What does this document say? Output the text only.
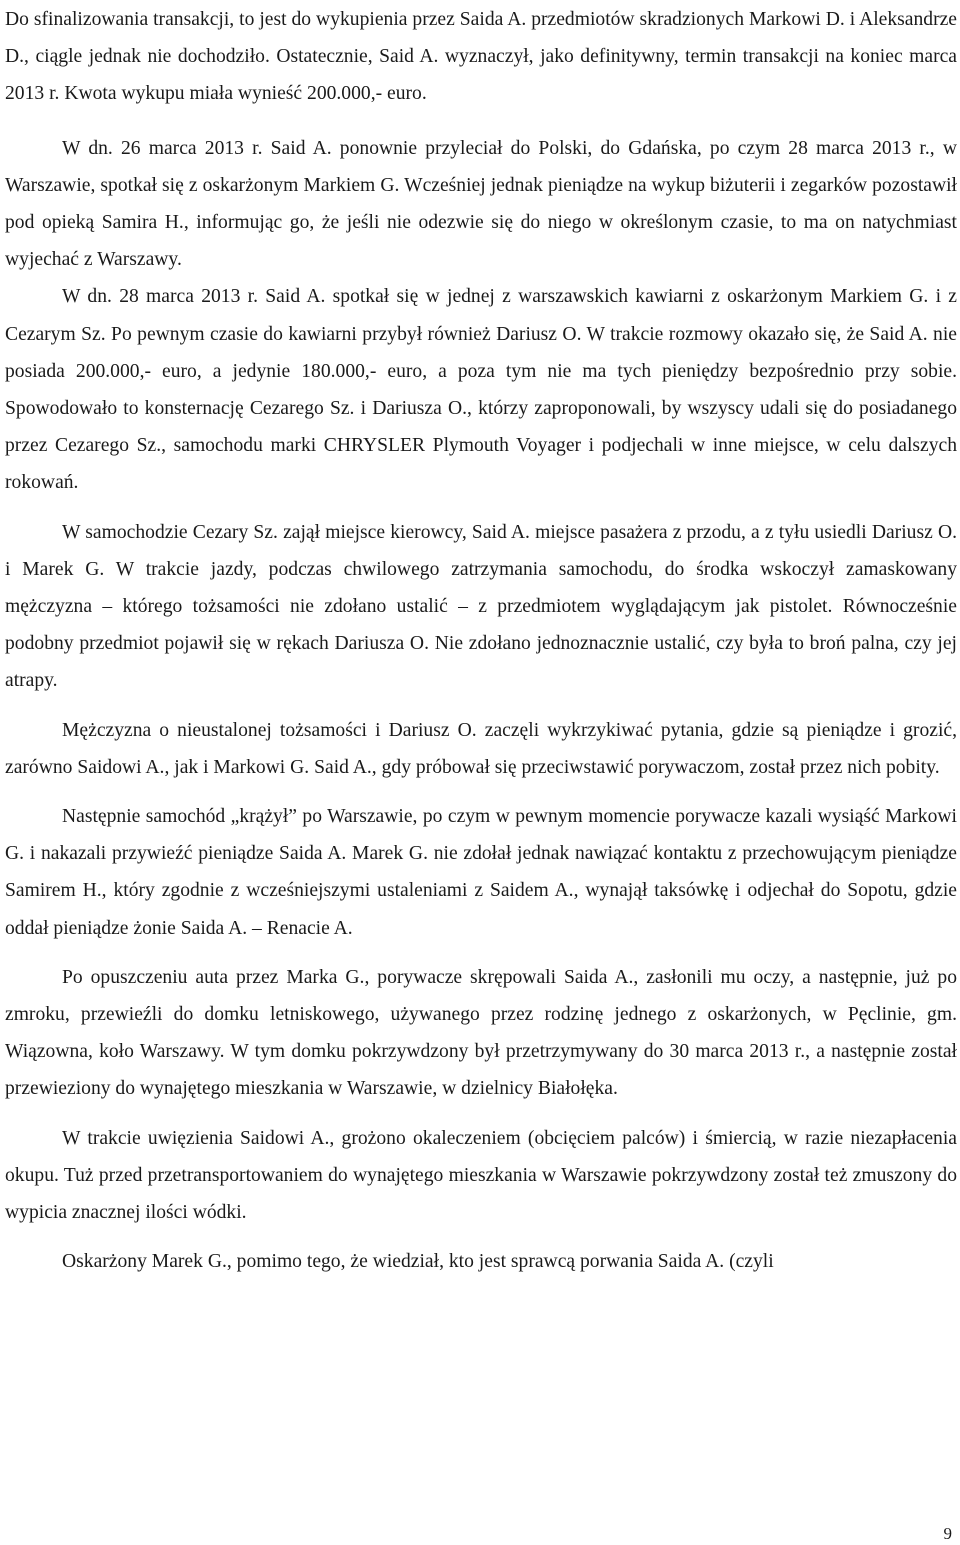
Do sfinalizowania transakcji, to jest do wykupienia przez Saida A. przedmiotów skradzionych Markowi D. i Aleksandrze D., ciągle jednak nie dochodziło. Ostatecznie, Said A. wyznaczył, jako definitywny, termin transakcji na koniec marca 2013 r. Kwota wykupu miała wynieść 200.000,- euro.

W dn. 26 marca 2013 r. Said A. ponownie przyleciał do Polski, do Gdańska, po czym 28 marca 2013 r., w Warszawie, spotkał się z oskarżonym Markiem G. Wcześniej jednak pieniądze na wykup biżuterii i zegarków pozostawił pod opieką Samira H., informując go, że jeśli nie odezwie się do niego w określonym czasie, to ma on natychmiast wyjechać z Warszawy.

W dn. 28 marca 2013 r. Said A. spotkał się w jednej z warszawskich kawiarni z oskarżonym Markiem G. i z Cezarym Sz. Po pewnym czasie do kawiarni przybył również Dariusz O. W trakcie rozmowy okazało się, że Said A. nie posiada 200.000,- euro, a jedynie 180.000,- euro, a poza tym nie ma tych pieniędzy bezpośrednio przy sobie. Spowodowało to konsternację Cezarego Sz. i Dariusza O., którzy zaproponowali, by wszyscy udali się do posiadanego przez Cezarego Sz., samochodu marki CHRYSLER Plymouth Voyager i podjechali w inne miejsce, w celu dalszych rokowań.

W samochodzie Cezary Sz. zajął miejsce kierowcy, Said A. miejsce pasażera z przodu, a z tyłu usiedli Dariusz O. i Marek G. W trakcie jazdy, podczas chwilowego zatrzymania samochodu, do środka wskoczył zamaskowany mężczyzna – którego tożsamości nie zdołano ustalić – z przedmiotem wyglądającym jak pistolet. Równocześnie podobny przedmiot pojawił się w rękach Dariusza O. Nie zdołano jednoznacznie ustalić, czy była to broń palna, czy jej atrapy.

Mężczyzna o nieustalonej tożsamości i Dariusz O. zaczęli wykrzykiwać pytania, gdzie są pieniądze i grozić, zarówno Saidowi A., jak i Markowi G. Said A., gdy próbował się przeciwstawić porywaczom, został przez nich pobity.

Następnie samochód „krążył” po Warszawie, po czym w pewnym momencie porywacze kazali wysiąść Markowi G. i nakazali przywieźć pieniądze Saida A. Marek G. nie zdołał jednak nawiązać kontaktu z przechowującym pieniądze Samirem H., który zgodnie z wcześniejszymi ustaleniami z Saidem A., wynajął taksówkę i odjechał do Sopotu, gdzie oddał pieniądze żonie Saida A. – Renacie A.

Po opuszczeniu auta przez Marka G., porywacze skrępowali Saida A., zasłonili mu oczy, a następnie, już po zmroku, przewieźli do domku letniskowego, używanego przez rodzinę jednego z oskarżonych, w Pęclinie, gm. Wiązowna, koło Warszawy. W tym domku pokrzywdzony był przetrzymywany do 30 marca 2013 r., a następnie został przewieziony do wynajętego mieszkania w Warszawie, w dzielnicy Białołęka.

W trakcie uwięzienia Saidowi A., grożono okaleczeniem (obcięciem palców) i śmiercią, w razie niezapłacenia okupu. Tuż przed przetransportowaniem do wynajętego mieszkania w Warszawie pokrzywdzony został też zmuszony do wypicia znacznej ilości wódki.

Oskarżony Marek G., pomimo tego, że wiedział, kto jest sprawcą porwania Saida A. (czyli

9
